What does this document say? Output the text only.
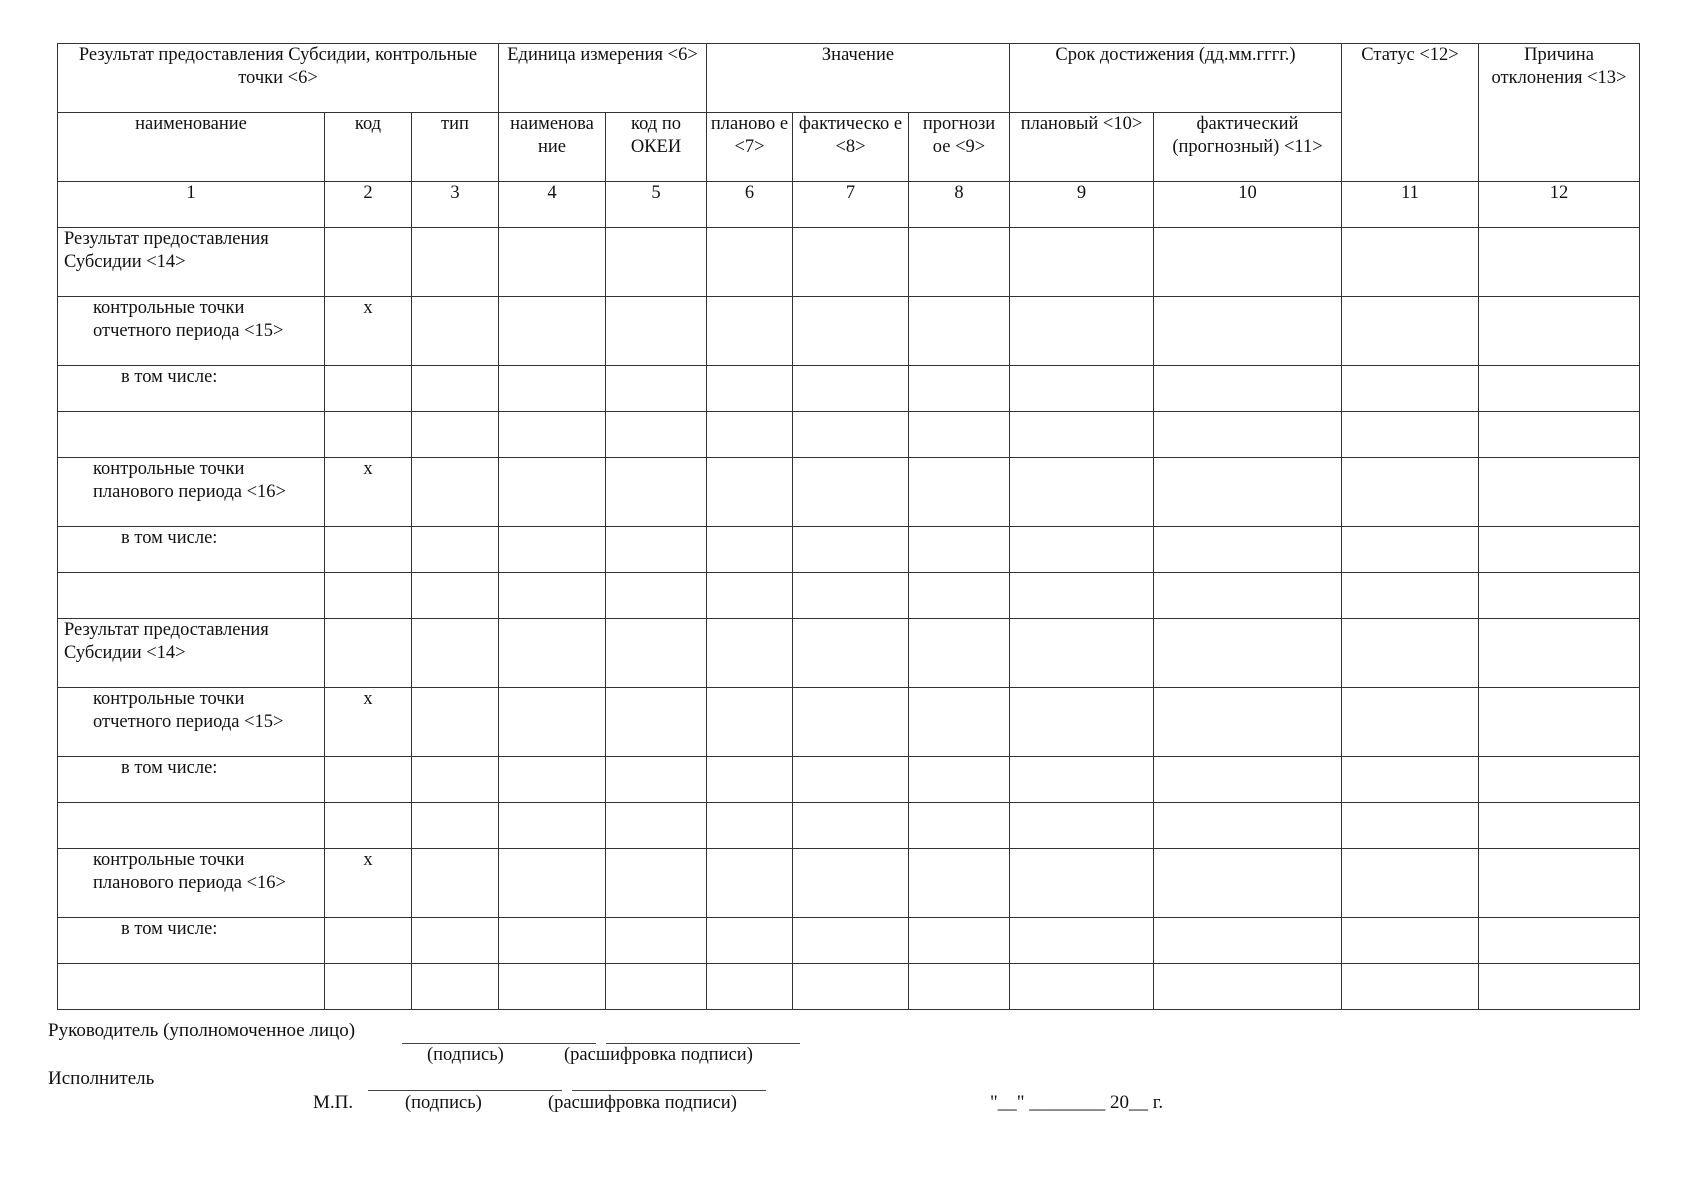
Результат предоставления Субсидии, контрольные точки <6>			Единица измерения <6>		Значение			Срок достижения (дд.мм.гггг.)		Статус <12>	Причина отклонения <13>
наименование	код	тип	наименова ние	код по ОКЕИ	планово е <7>	фактическо е <8>	прогнози ое <9>	плановый <10>	фактический (прогнозный) <11>		
1	2	3	4	5	6	7	8	9	10	11	12
Результат предоставления Субсидии <14>											
контрольные точки отчетного периода <15>	x										
в том числе:											

контрольные точки планового периода <16>	x										
в том числе:											

Результат предоставления Субсидии <14>											
контрольные точки отчетного периода <15>	x										
в том числе:											

контрольные точки планового периода <16>	x										
в том числе:											

Руководитель (уполномоченное лицо)
(подпись)	(расшифровка подписи)
Исполнитель
М.П.	(подпись)	(расшифровка подписи)	"__" ________ 20__ г.
